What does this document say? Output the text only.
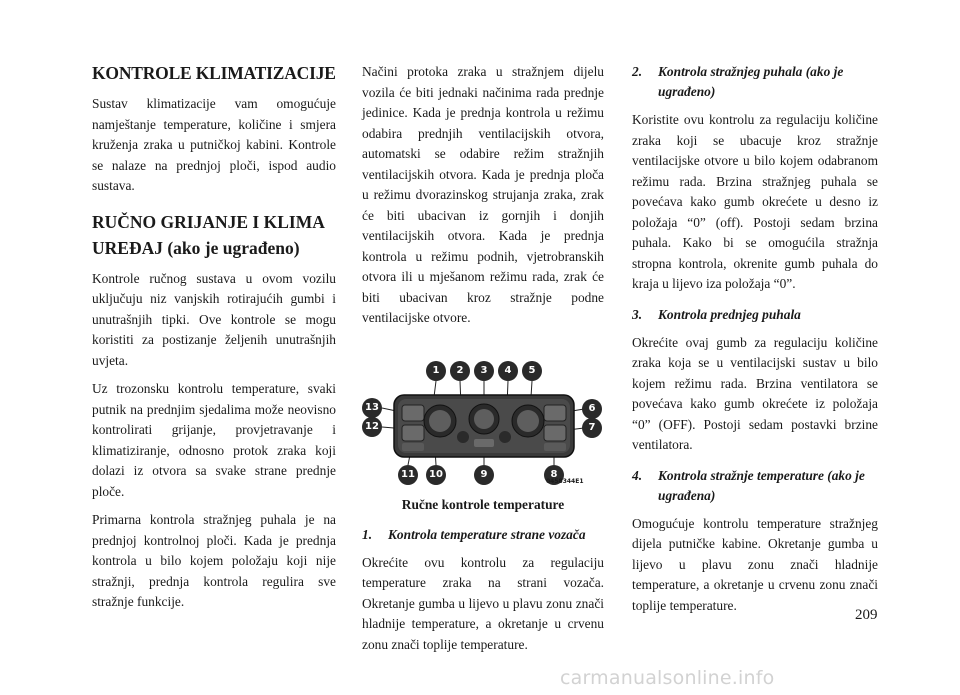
KONTROLE KLIMATIZACIJE

Sustav klimatizacije vam omogućuje namještanje temperature, količine i smjera kruženja zraka u putničkoj kabini. Kontrole se nalaze na prednjoj ploči, ispod audio sustava.

RUČNO GRIJANJE I KLIMA UREĐAJ (ako je ugrađeno)

Kontrole ručnog sustava u ovom vozilu uključuju niz vanjskih rotirajućih gumbi i unutrašnjih tipki. Ove kontrole se mogu koristiti za postizanje željenih unutrašnjih uvjeta.

Uz trozonsku kontrolu temperature, svaki putnik na prednjim sjedalima može neovisno kontrolirati grijanje, provjetravanje i klimatiziranje, odnosno protok zraka koji dolazi iz otvora sa svake strane prednje ploče.

Primarna kontrola stražnjeg puhala je na prednjoj kontrolnoj ploči. Kada je prednja kontrola u bilo kojem položaju koji nije stražnji, prednja kontrola regulira sve stražnje funkcije.

Načini protoka zraka u stražnjem dijelu vozila će biti jednaki načinima rada prednje jedinice. Kada je prednja kontrola u režimu odabira prednjih ventilacijskih otvora, automatski se odabire režim stražnjih ventilacijskih otvora. Kada je prednja ploča u režimu dvorazinskog strujanja zraka, zrak će biti ubacivan iz gornjih i donjih ventilacijskih otvora. Kada je prednja kontrola u režimu podnih, vjetrobranskih otvora ili u mješanom režimu rada, zrak će biti ubacivan kroz stražnje podne ventilacijske otvore.

1	2	3	4	5
13
12
6
7
11	10	9	8
0458344E1
Ručne kontrole temperature
1. Kontrola temperature strane vozača

Okrećite ovu kontrolu za regulaciju temperature zraka na strani vozača. Okretanje gumba u lijevo u plavu zonu znači hladnije temperature, a okretanje u crvenu zonu znači toplije temperature.

2. Kontrola stražnjeg puhala (ako je ugrađeno)

Koristite ovu kontrolu za regulaciju količine zraka koji se ubacuje kroz stražnje ventilacijske otvore u bilo kojem odabranom režimu rada. Brzina stražnjeg puhala se povećava kako gumb okrećete u desno iz položaja “0” (off). Postoji sedam brzina puhala. Kako bi se omogućila stražnja stropna kontrola, okrenite gumb puhala do kraja u lijevo iza položaja “0”.

3. Kontrola prednjeg puhala

Okrećite ovaj gumb za regulaciju količine zraka koja se u ventilacijski sustav u bilo kojem režimu rada. Brzina ventilatora se povećava kako gumb okrećete iz položaja “0” (OFF). Postoji sedam postavki brzine ventilatora.

4. Kontrola stražnje temperature (ako je ugrađena)

Omogućuje kontrolu temperature stražnjeg dijela putničke kabine. Okretanje gumba u lijevo u plavu zonu znači hladnije temperature, a okretanje u crvenu zonu znači toplije temperature.

209
carmanualsonline.info
